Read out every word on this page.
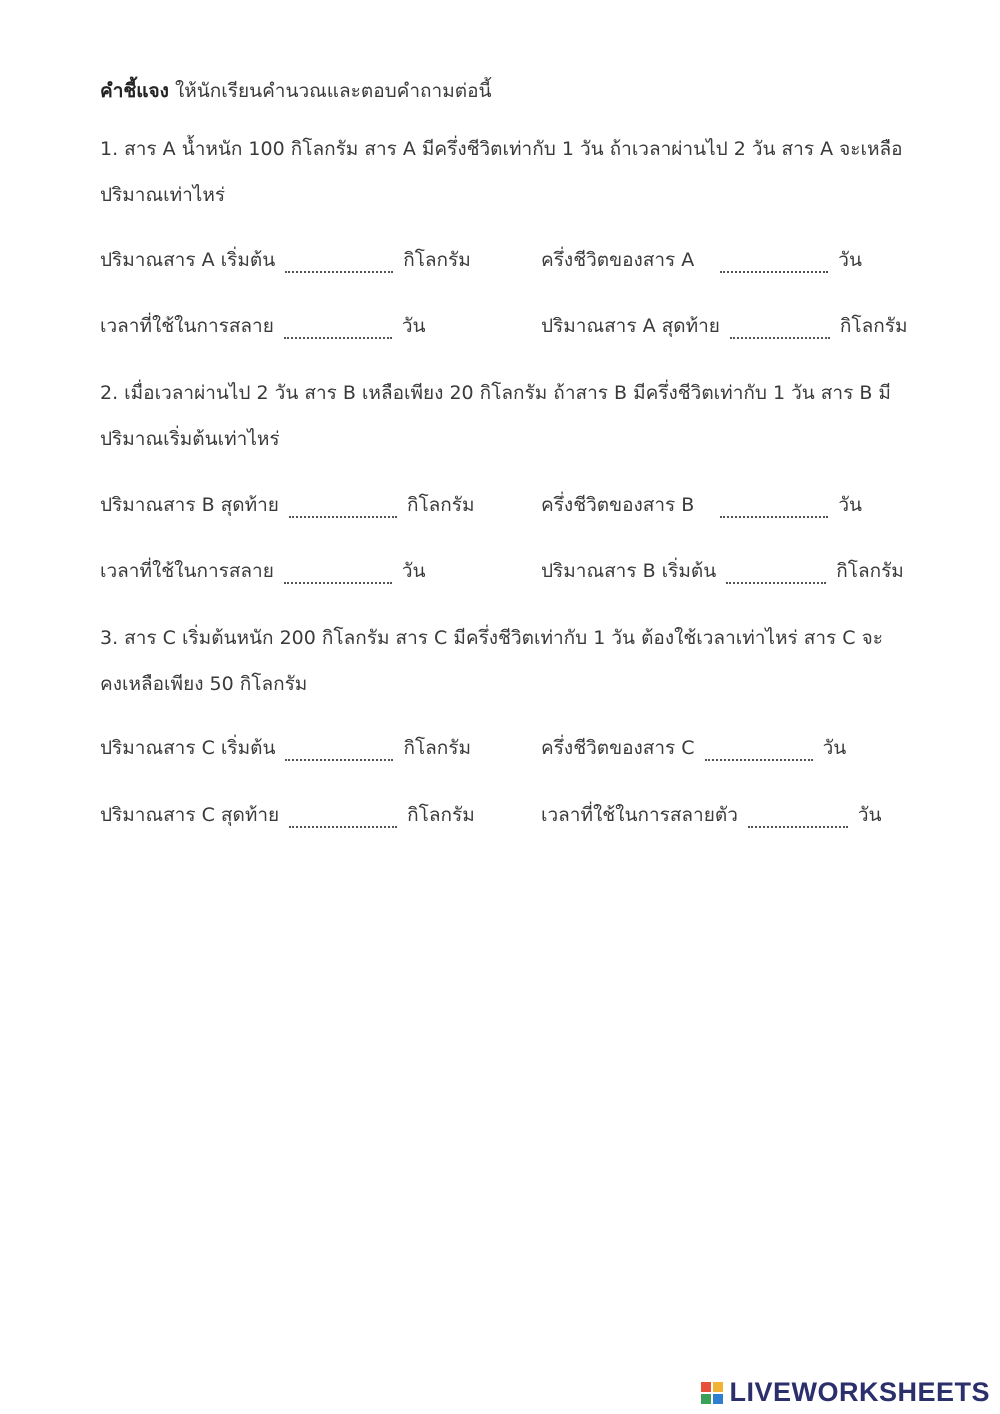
คำชี้แจง ให้นักเรียนคำนวณและตอบคำถามต่อนี้
1. สาร A น้ำหนัก 100 กิโลกรัม สาร A มีครึ่งชีวิตเท่ากับ 1 วัน ถ้าเวลาผ่านไป 2 วัน สาร A จะเหลือ
ปริมาณเท่าไหร่
ปริมาณสาร A เริ่มต้น	กิโลกรัม	ครึ่งชีวิตของสาร A	วัน
เวลาที่ใช้ในการสลาย	วัน	ปริมาณสาร A สุดท้าย	กิโลกรัม
2. เมื่อเวลาผ่านไป 2 วัน สาร B เหลือเพียง 20 กิโลกรัม ถ้าสาร B มีครึ่งชีวิตเท่ากับ 1 วัน สาร B มี
ปริมาณเริ่มต้นเท่าไหร่
ปริมาณสาร B สุดท้าย	กิโลกรัม	ครึ่งชีวิตของสาร B	วัน
เวลาที่ใช้ในการสลาย	วัน	ปริมาณสาร B เริ่มต้น	กิโลกรัม
3. สาร C เริ่มต้นหนัก 200 กิโลกรัม สาร C มีครึ่งชีวิตเท่ากับ 1 วัน ต้องใช้เวลาเท่าไหร่ สาร C จะ
คงเหลือเพียง 50 กิโลกรัม
ปริมาณสาร C เริ่มต้น	กิโลกรัม	ครึ่งชีวิตของสาร C	วัน
ปริมาณสาร C สุดท้าย	กิโลกรัม	เวลาที่ใช้ในการสลายตัว	วัน
LIVEWORKSHEETS
